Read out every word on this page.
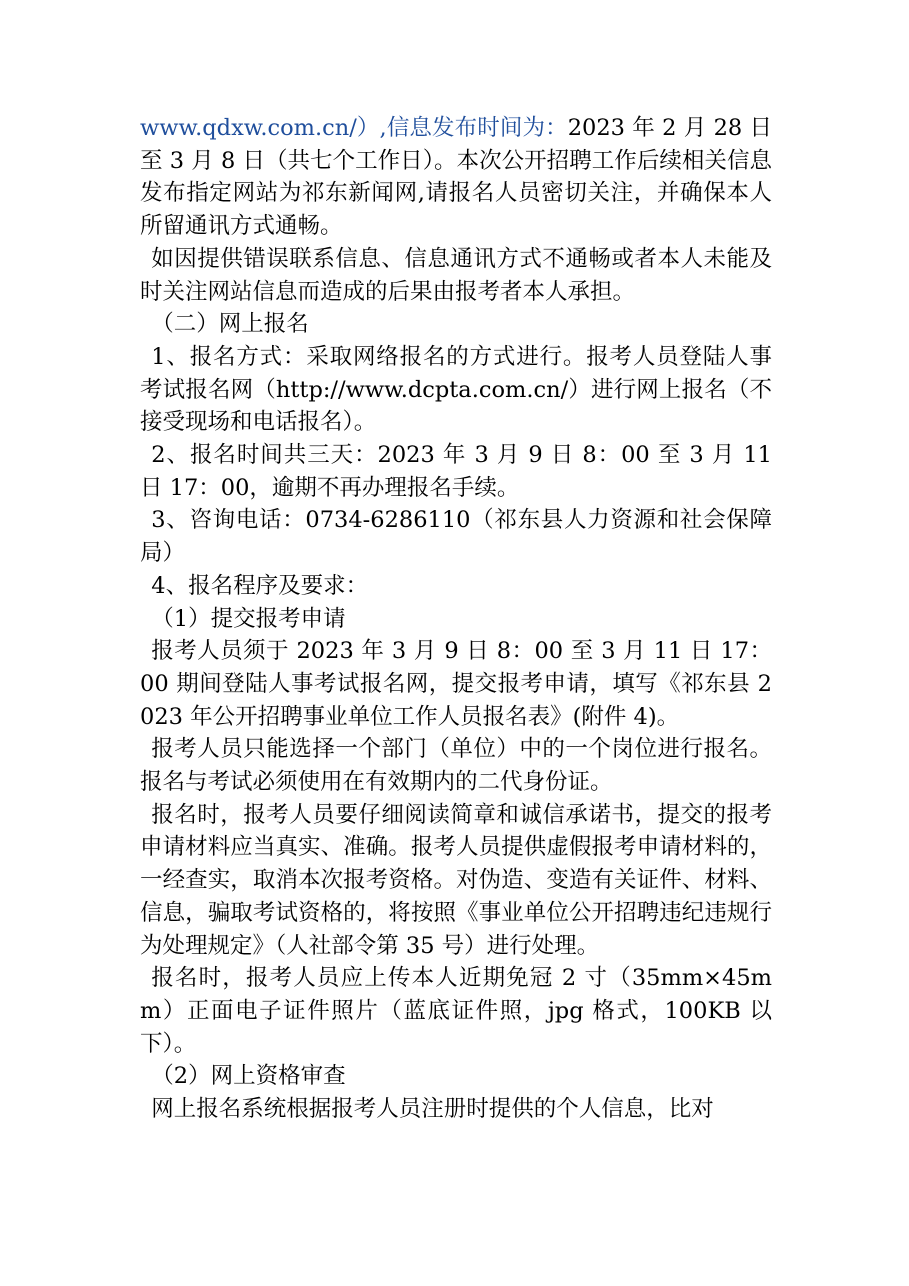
www.qdxw.com.cn/）,信息发布时间为：2023 年 2 月 28 日至 3 月 8 日（共七个工作日）。本次公开招聘工作后续相关信息发布指定网站为祁东新闻网,请报名人员密切关注，并确保本人所留通讯方式通畅。

如因提供错误联系信息、信息通讯方式不通畅或者本人未能及时关注网站信息而造成的后果由报考者本人承担。

（二）网上报名

1、报名方式：采取网络报名的方式进行。报考人员登陆人事考试报名网（http://www.dcpta.com.cn/）进行网上报名（不接受现场和电话报名）。

2、报名时间共三天：2023 年 3 月 9 日 8：00 至 3 月 11 日 17：00，逾期不再办理报名手续。

3、咨询电话：0734-6286110（祁东县人力资源和社会保障局）

4、报名程序及要求：

（1）提交报考申请

报考人员须于 2023 年 3 月 9 日 8：00 至 3 月 11 日 17：00 期间登陆人事考试报名网，提交报考申请，填写《祁东县 2023 年公开招聘事业单位工作人员报名表》(附件 4)。

报考人员只能选择一个部门（单位）中的一个岗位进行报名。报名与考试必须使用在有效期内的二代身份证。

报名时，报考人员要仔细阅读简章和诚信承诺书，提交的报考申请材料应当真实、准确。报考人员提供虚假报考申请材料的，一经查实，取消本次报考资格。对伪造、变造有关证件、材料、信息，骗取考试资格的，将按照《事业单位公开招聘违纪违规行为处理规定》（人社部令第 35 号）进行处理。

报名时，报考人员应上传本人近期免冠 2 寸（35mm×45mm）正面电子证件照片（蓝底证件照，jpg 格式，100KB 以下）。

（2）网上资格审查

网上报名系统根据报考人员注册时提供的个人信息，比对
